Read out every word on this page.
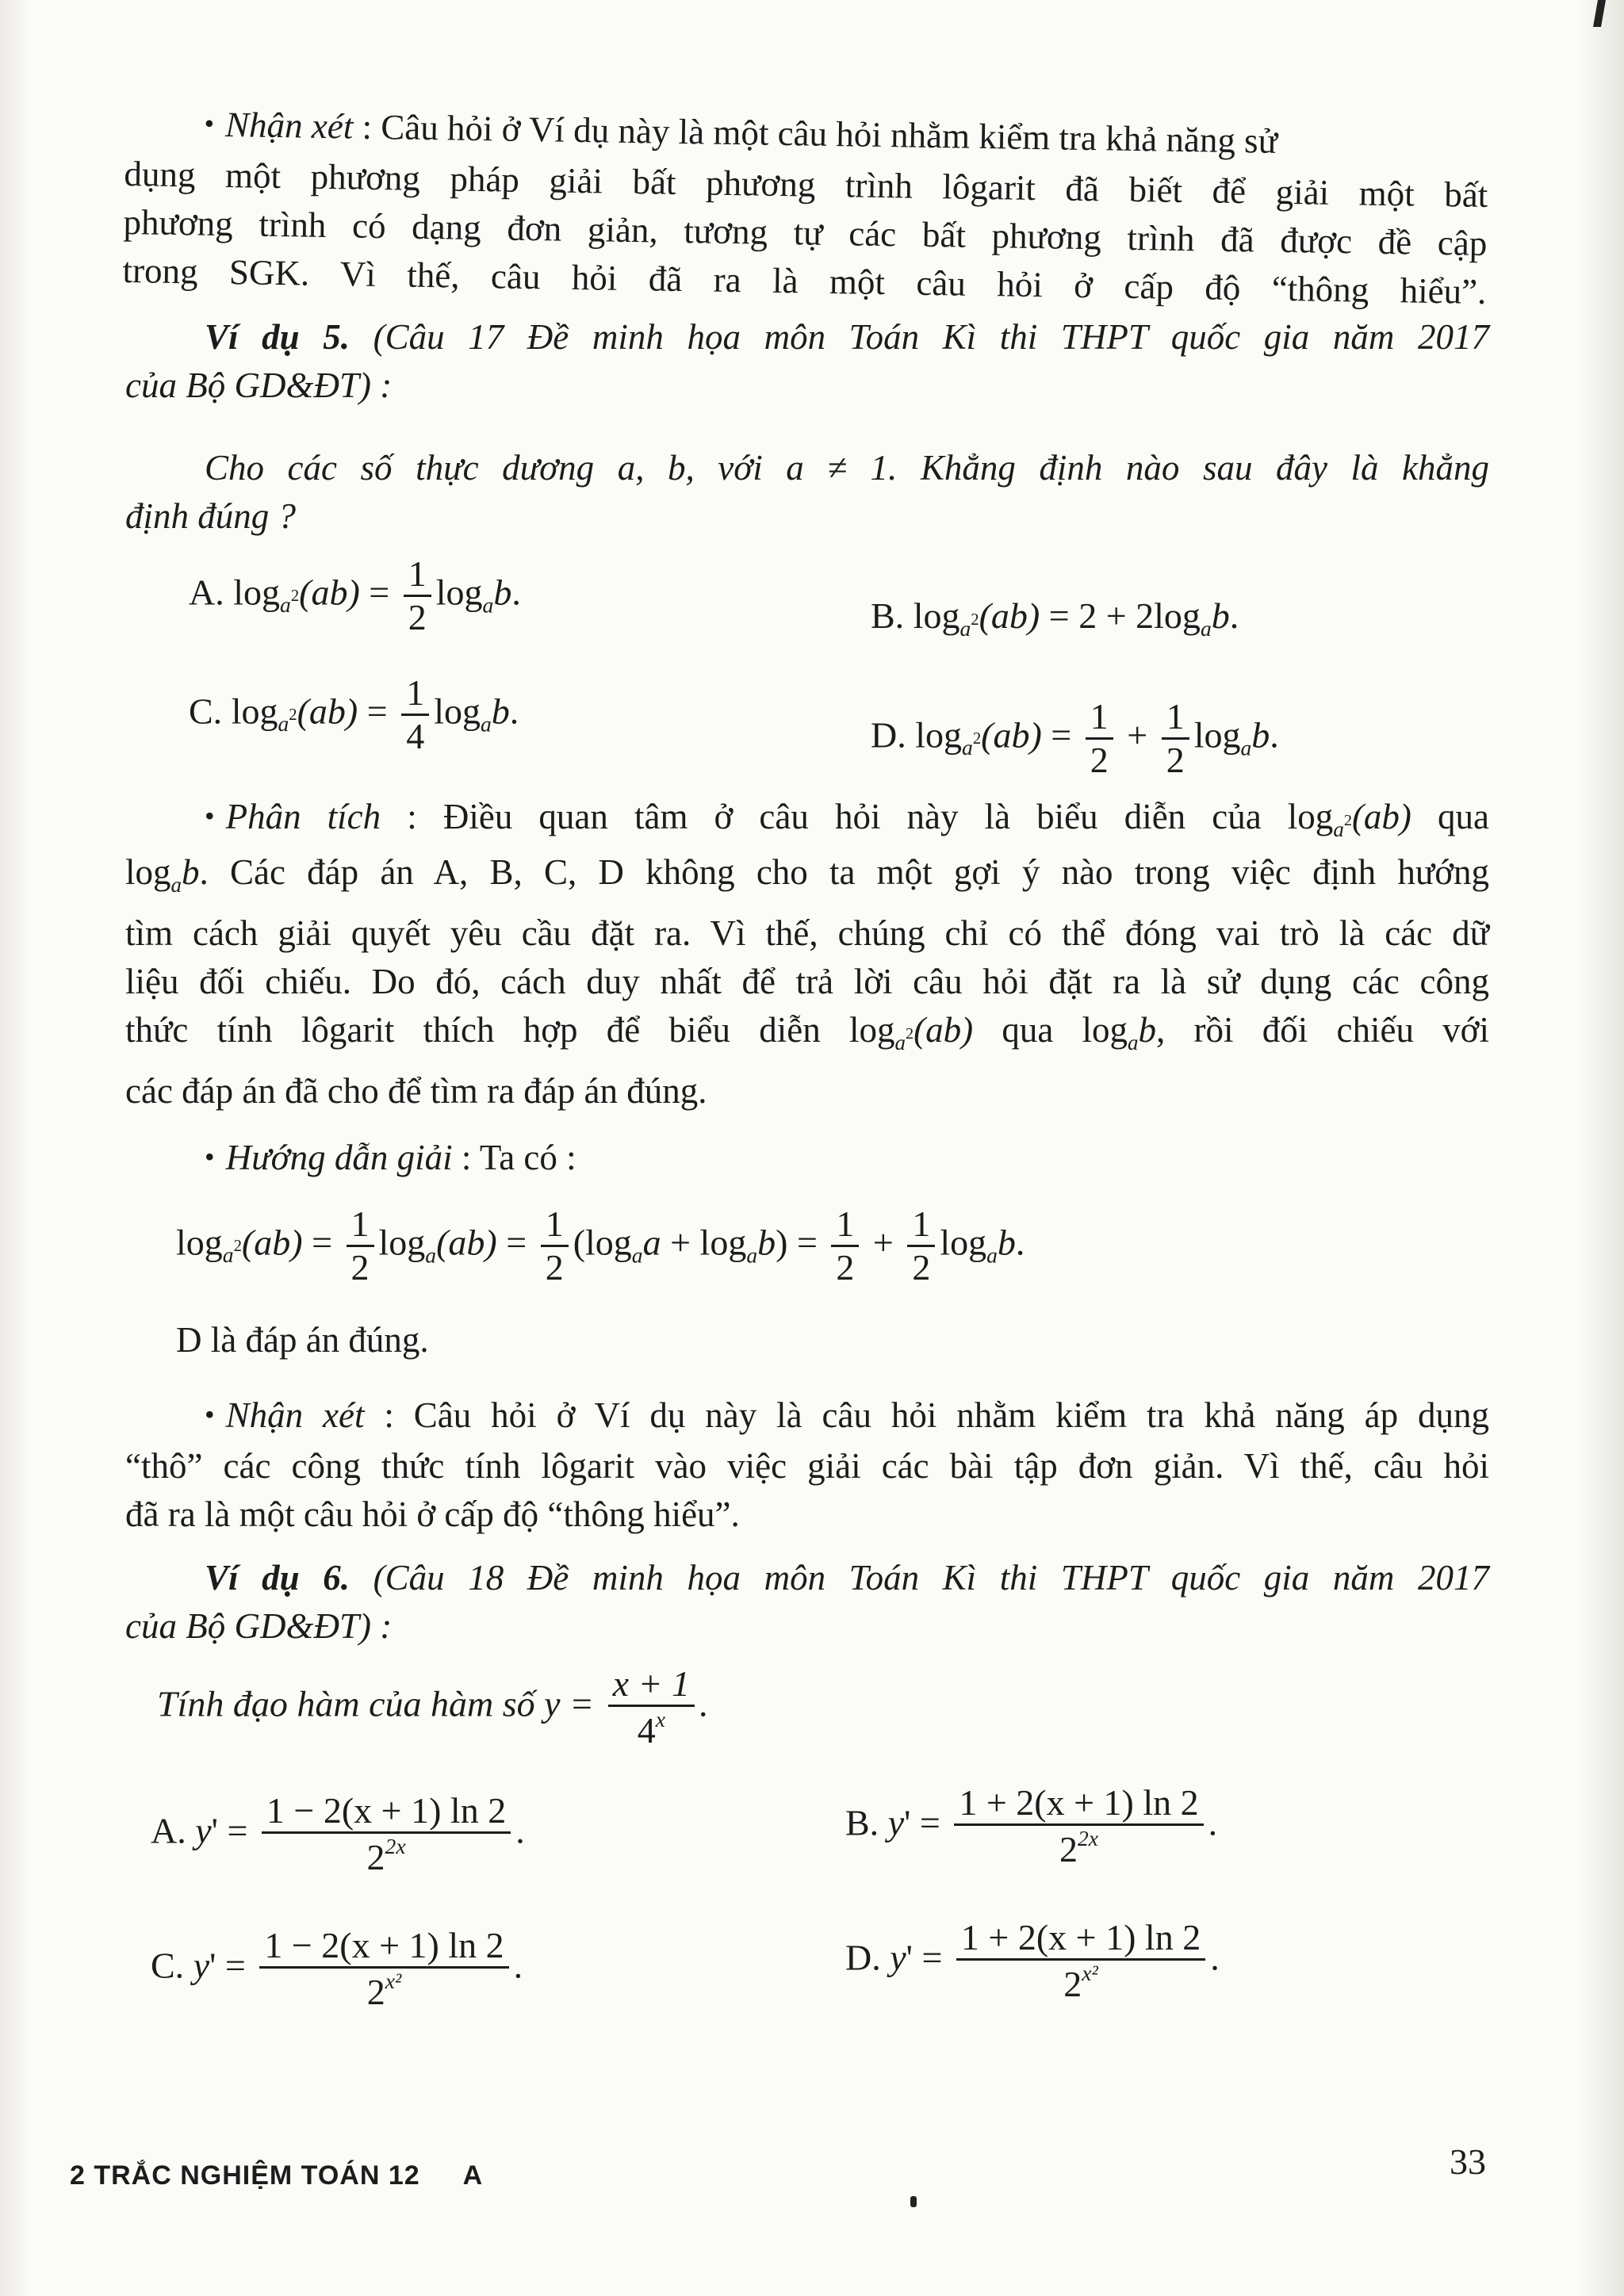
• Nhận xét : Câu hỏi ở Ví dụ này là một câu hỏi nhằm kiểm tra khả năng sử
dụng một phương pháp giải bất phương trình lôgarit đã biết để giải một bất
phương trình có dạng đơn giản, tương tự các bất phương trình đã được đề cập
trong SGK. Vì thế, câu hỏi đã ra là một câu hỏi ở cấp độ “thông hiểu”.
Ví dụ 5. (Câu 17 Đề minh họa môn Toán Kì thi THPT quốc gia năm 2017
của Bộ GD&ĐT) :
Cho các số thực dương a, b, với a ≠ 1. Khẳng định nào sau đây là khẳng
định đúng ?
A. $\log_a2(ab) = \frac{1}{2} \log_ab$.
B. $\log_a2(ab) = 2 + 2\log_ab$.
C. $\log_a2(ab) = \frac{1}{4} \log_ab$.
D. $\log_a2(ab) = \frac{1}{2} + \frac{1}{2} \log_ab$.
• Phân tích : Điều quan tâm ở câu hỏi này là biểu diễn của $\log_a2(ab)$ qua
$\log_ab$. Các đáp án A, B, C, D không cho ta một gợi ý nào trong việc định hướng
tìm cách giải quyết yêu cầu đặt ra. Vì thế, chúng chỉ có thể đóng vai trò là các dữ
liệu đối chiếu. Do đó, cách duy nhất để trả lời câu hỏi đặt ra là sử dụng các công
thức tính lôgarit thích hợp để biểu diễn $\log_a2(ab)$ qua $\log_ab$, rồi đối chiếu với
các đáp án đã cho để tìm ra đáp án đúng.
• Hướng dẫn giải : Ta có :
$\log_a2(ab) = \frac{1}{2} \log_a(ab) = \frac{1}{2} (\log_aa + \log_ab) = \frac{1}{2} + \frac{1}{2} \log_ab$.
D là đáp án đúng.
• Nhận xét : Câu hỏi ở Ví dụ này là câu hỏi nhằm kiểm tra khả năng áp dụng
“thô” các công thức tính lôgarit vào việc giải các bài tập đơn giản. Vì thế, câu hỏi
đã ra là một câu hỏi ở cấp độ “thông hiểu”.
Ví dụ 6. (Câu 18 Đề minh họa môn Toán Kì thi THPT quốc gia năm 2017
của Bộ GD&ĐT) :
Tính đạo hàm của hàm số $y = \frac{x + 1}{4^x}$ .
A. $y' = \frac{1 - 2(x + 1) \ln 2}{2^{2x}}$ .	B. $y' = \frac{1 + 2(x + 1) \ln 2}{2^{2x}}$ .
C. $y' = \frac{1 - 2(x + 1) \ln 2}{2^{x^2}}$ .	D. $y' = \frac{1 + 2(x + 1) \ln 2}{2^{x^2}}$ .
2 TRẮC NGHIỆM TOÁN 12 A	33
